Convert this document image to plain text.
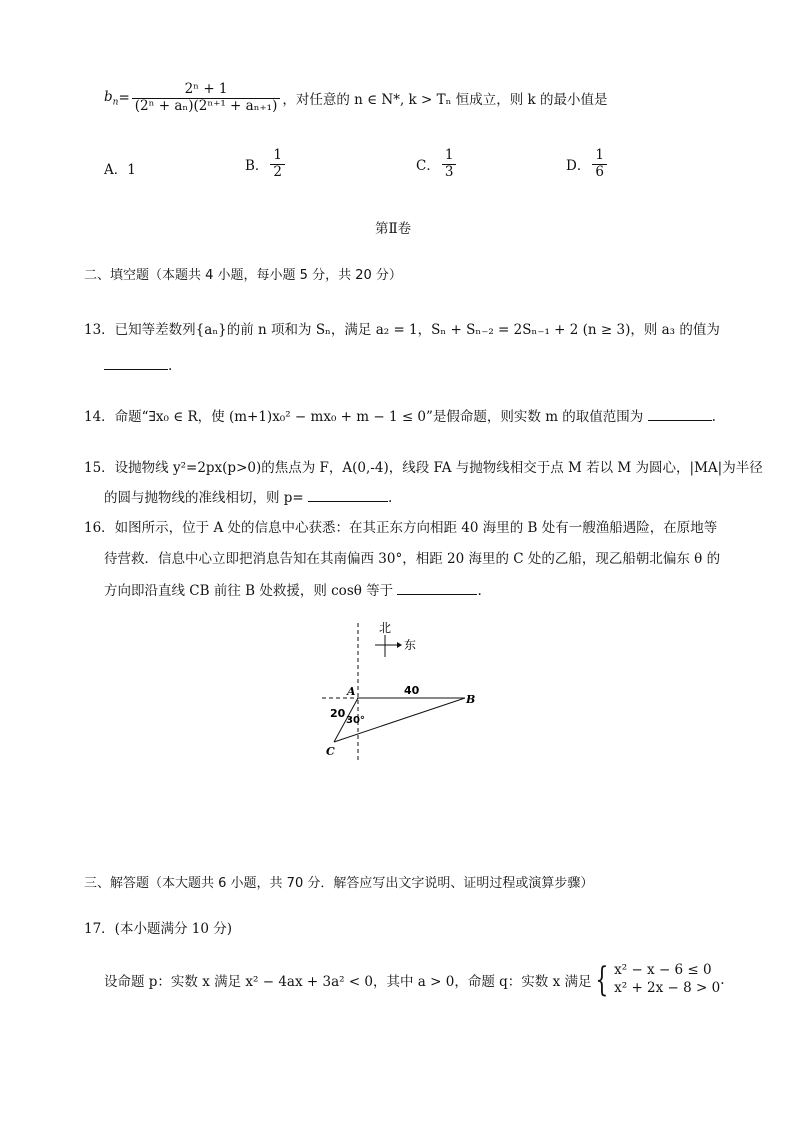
$b_n = \frac{\text{2ⁿ + 1}}{\text{(2ⁿ + aₙ)(2ⁿ⁺¹ + aₙ₊₁)}}$ ，对任意的 n ∈ N*, k > Tₙ 恒成立，则 k 的最小值是
A．1	B． $\frac{1}{2}$	C． $\frac{1}{3}$	D． $\frac{1}{6}$
第Ⅱ卷
二、填空题（本题共 4 小题，每小题 5 分，共 20 分）
13．已知等差数列{aₙ}的前 n 项和为 Sₙ，满足 a₂ = 1，Sₙ + Sₙ₋₂ = 2Sₙ₋₁ + 2 (n ≥ 3)，则 a₃ 的值为
.
14．命题“∃x₀ ∈ R，使 (m+1)x₀² − mx₀ + m − 1 ≤ 0”是假命题，则实数 m 的取值范围为	.
15．设抛物线 y²=2px(p>0)的焦点为 F，A(0,-4)，线段 FA 与抛物线相交于点 M 若以 M 为圆心，|MA|为半径
的圆与抛物线的准线相切，则 p=	.
16．如图所示，位于 A 处的信息中心获悉：在其正东方向相距 40 海里的 B 处有一艘渔船遇险，在原地等
待营救．信息中心立即把消息告知在其南偏西 30°，相距 20 海里的 C 处的乙船，现乙船朝北偏东 θ 的
方向即沿直线 CB 前往 B 处救援，则 cosθ 等于	.
北
东
A
B
C
40
20
30°
三、解答题（本大题共 6 小题，共 70 分．解答应写出文字说明、证明过程或演算步骤）
17．(本小题满分 10 分)
设命题 p：实数 x 满足 x² − 4ax + 3a² < 0，其中 a > 0，命题 q：实数 x 满足 { x² − x − 6 ≤ 0
x² + 2x − 8 > 0 .
